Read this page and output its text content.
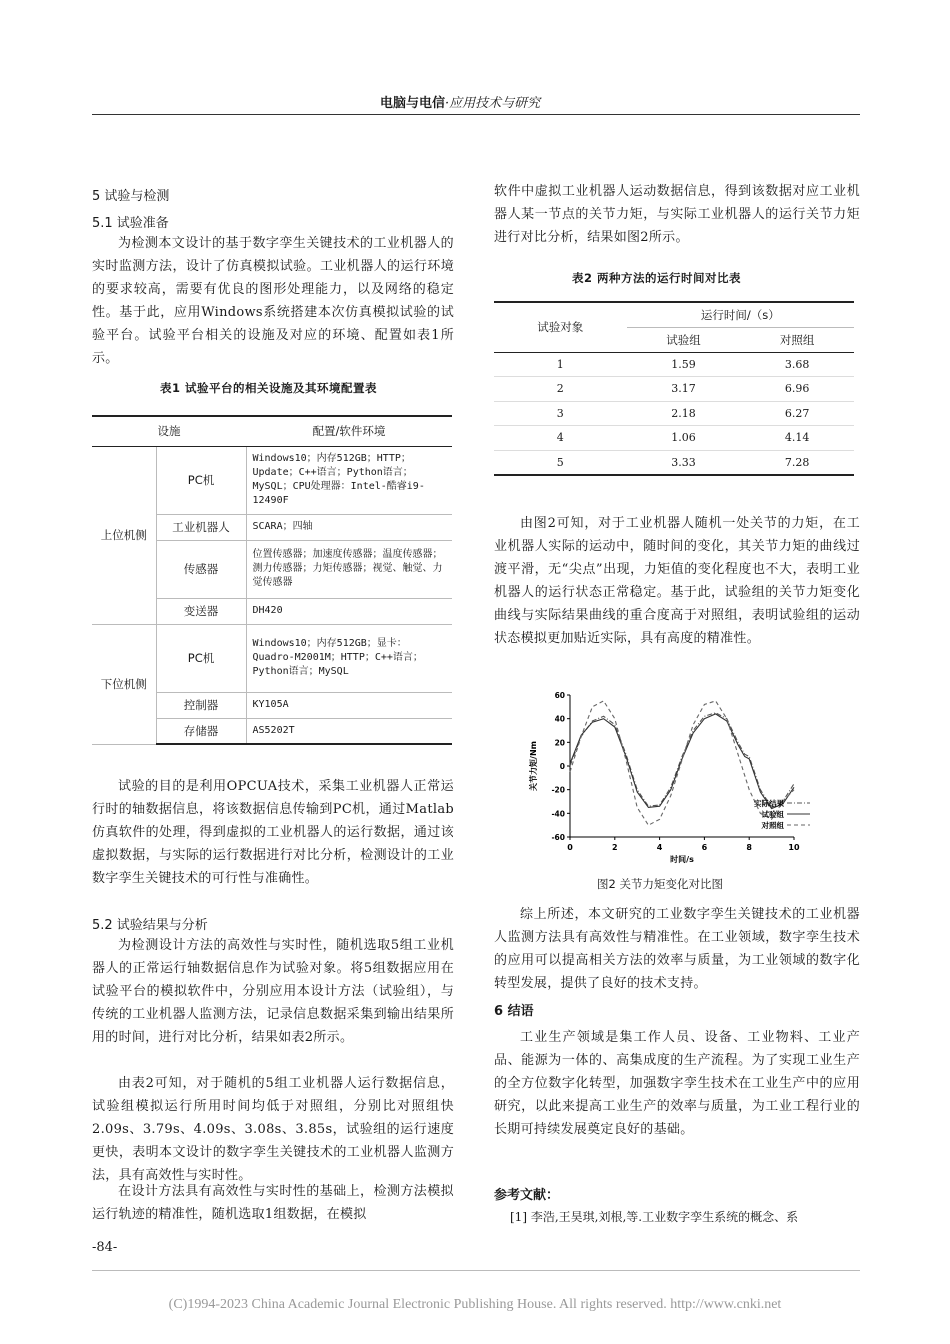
电脑与电信·应用技术与研究
5 试验与检测
5.1 试验准备
为检测本文设计的基于数字孪生关键技术的工业机器人的实时监测方法，设计了仿真模拟试验。工业机器人的运行环境的要求较高，需要有优良的图形处理能力，以及网络的稳定性。基于此，应用Windows系统搭建本次仿真模拟试验的试验平台。试验平台相关的设施及对应的环境、配置如表1所示。
表1 试验平台的相关设施及其环境配置表
设施		配置/软件环境
上位机侧	PC机	Windows10；内存512GB；HTTP；Update；C++语言；Python语言；MySQL；CPU处理器：Intel-酷睿i9-12490F
	工业机器人	SCARA；四轴
	传感器	位置传感器；加速度传感器；温度传感器；测力传感器；力矩传感器；视觉、触觉、力觉传感器
	变送器	DH420
下位机侧	PC机	Windows10；内存512GB；显卡：Quadro-M2001M；HTTP；C++语言；Python语言；MySQL
	控制器	KY105A
	存储器	AS5202T
试验的目的是利用OPCUA技术，采集工业机器人正常运行时的轴数据信息，将该数据信息传输到PC机，通过Matlab仿真软件的处理，得到虚拟的工业机器人的运行数据，通过该虚拟数据，与实际的运行数据进行对比分析，检测设计的工业数字孪生关键技术的可行性与准确性。
5.2 试验结果与分析
为检测设计方法的高效性与实时性，随机选取5组工业机器人的正常运行轴数据信息作为试验对象。将5组数据应用在试验平台的模拟软件中，分别应用本设计方法（试验组），与传统的工业机器人监测方法，记录信息数据采集到输出结果所用的时间，进行对比分析，结果如表2所示。
由表2可知，对于随机的5组工业机器人运行数据信息，试验组模拟运行所用时间均低于对照组，分别比对照组快2.09s、3.79s、4.09s、3.08s、3.85s，试验组的运行速度更快，表明本文设计的数字孪生关键技术的工业机器人监测方法，具有高效性与实时性。
在设计方法具有高效性与实时性的基础上，检测方法模拟运行轨迹的精准性，随机选取1组数据，在模拟
-84-
软件中虚拟工业机器人运动数据信息，得到该数据对应工业机器人某一节点的关节力矩，与实际工业机器人的运行关节力矩进行对比分析，结果如图2所示。
表2 两种方法的运行时间对比表
试验对象	运行时间/（s）	
	试验组	对照组
1	1.59	3.68
2	3.17	6.96
3	2.18	6.27
4	1.06	4.14
5	3.33	7.28
由图2可知，对于工业机器人随机一处关节的力矩，在工业机器人实际的运动中，随时间的变化，其关节力矩的曲线过渡平滑，无“尖点”出现，力矩值的变化程度也不大，表明工业机器人的运行状态正常稳定。基于此，试验组的关节力矩变化曲线与实际结果曲线的重合度高于对照组，表明试验组的运动状态模拟更加贴近实际，具有高度的精准性。
0	2	4	6	8	10
60
40
20
0
-20
-40
-60
时间/s
关节力矩/Nm
实际结果
试验组
对照组
图2 关节力矩变化对比图
综上所述，本文研究的工业数字孪生关键技术的工业机器人监测方法具有高效性与精准性。在工业领域，数字孪生技术的应用可以提高相关方法的效率与质量，为工业领域的数字化转型发展，提供了良好的技术支持。
6 结语
工业生产领域是集工作人员、设备、工业物料、工业产品、能源为一体的、高集成度的生产流程。为了实现工业生产的全方位数字化转型，加强数字孪生技术在工业生产中的应用研究，以此来提高工业生产的效率与质量，为工业工程行业的长期可持续发展奠定良好的基础。
参考文献：
[1] 李浩,王昊琪,刘根,等.工业数字孪生系统的概念、系
(C)1994-2023 China Academic Journal Electronic Publishing House. All rights reserved. http://www.cnki.net
